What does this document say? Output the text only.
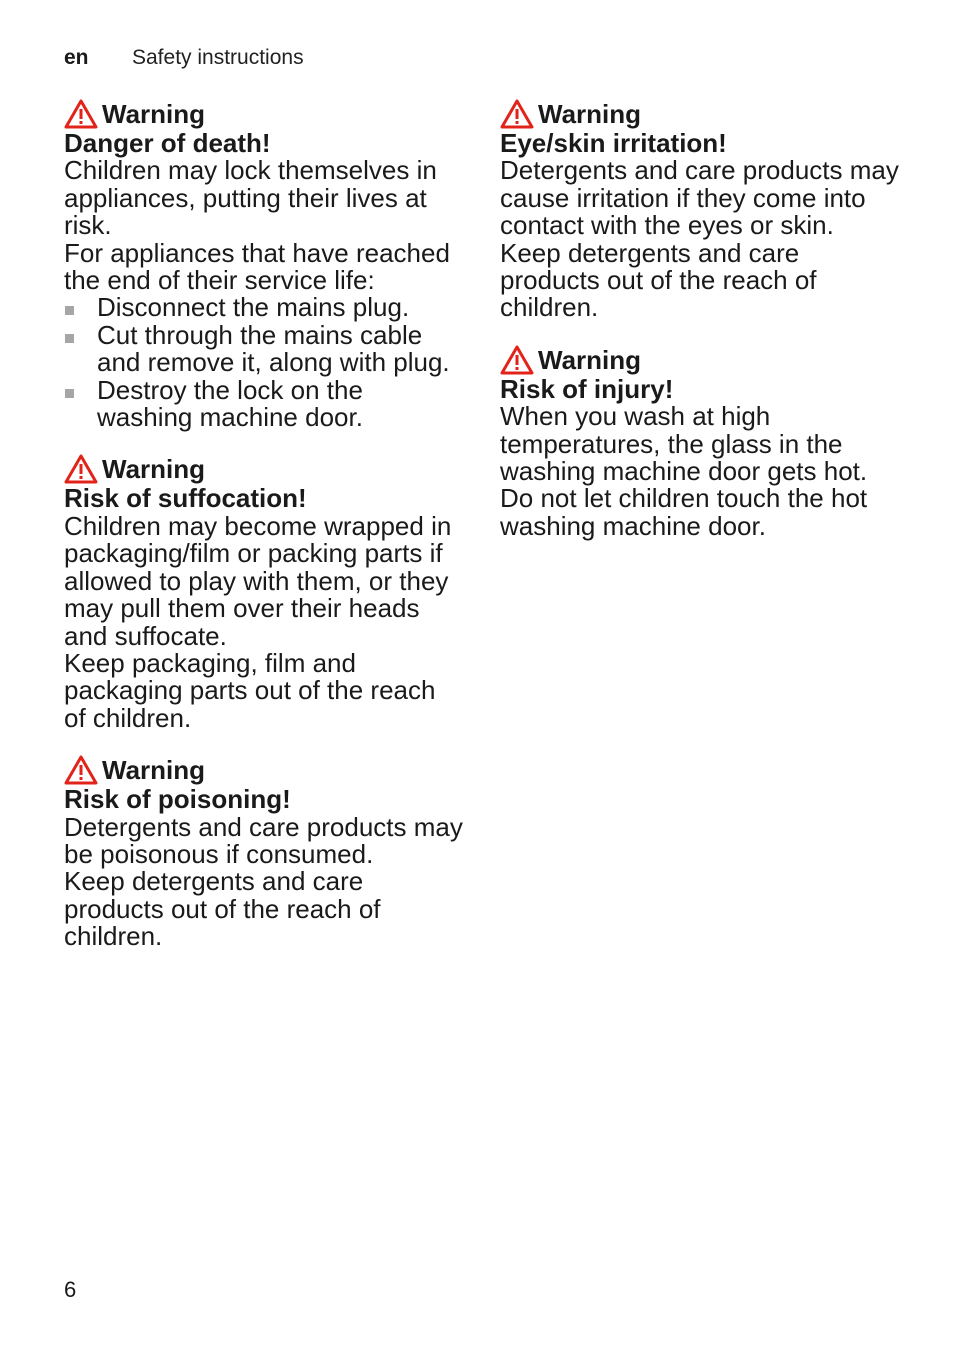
en Safety instructions
Warning
Danger of death!
Children may lock themselves in appliances, putting their lives at risk.
For appliances that have reached the end of their service life:
Disconnect the mains plug.
Cut through the mains cable and remove it, along with plug.
Destroy the lock on the washing machine door.
Warning
Risk of suffocation!
Children may become wrapped in packaging/film or packing parts if allowed to play with them, or they may pull them over their heads and suffocate.
Keep packaging, film and packaging parts out of the reach of children.
Warning
Risk of poisoning!
Detergents and care products may be poisonous if consumed.
Keep detergents and care products out of the reach of children.
Warning
Eye/skin irritation!
Detergents and care products may cause irritation if they come into contact with the eyes or skin.
Keep detergents and care products out of the reach of children.
Warning
Risk of injury!
When you wash at high temperatures, the glass in the washing machine door gets hot.
Do not let children touch the hot washing machine door.
6
